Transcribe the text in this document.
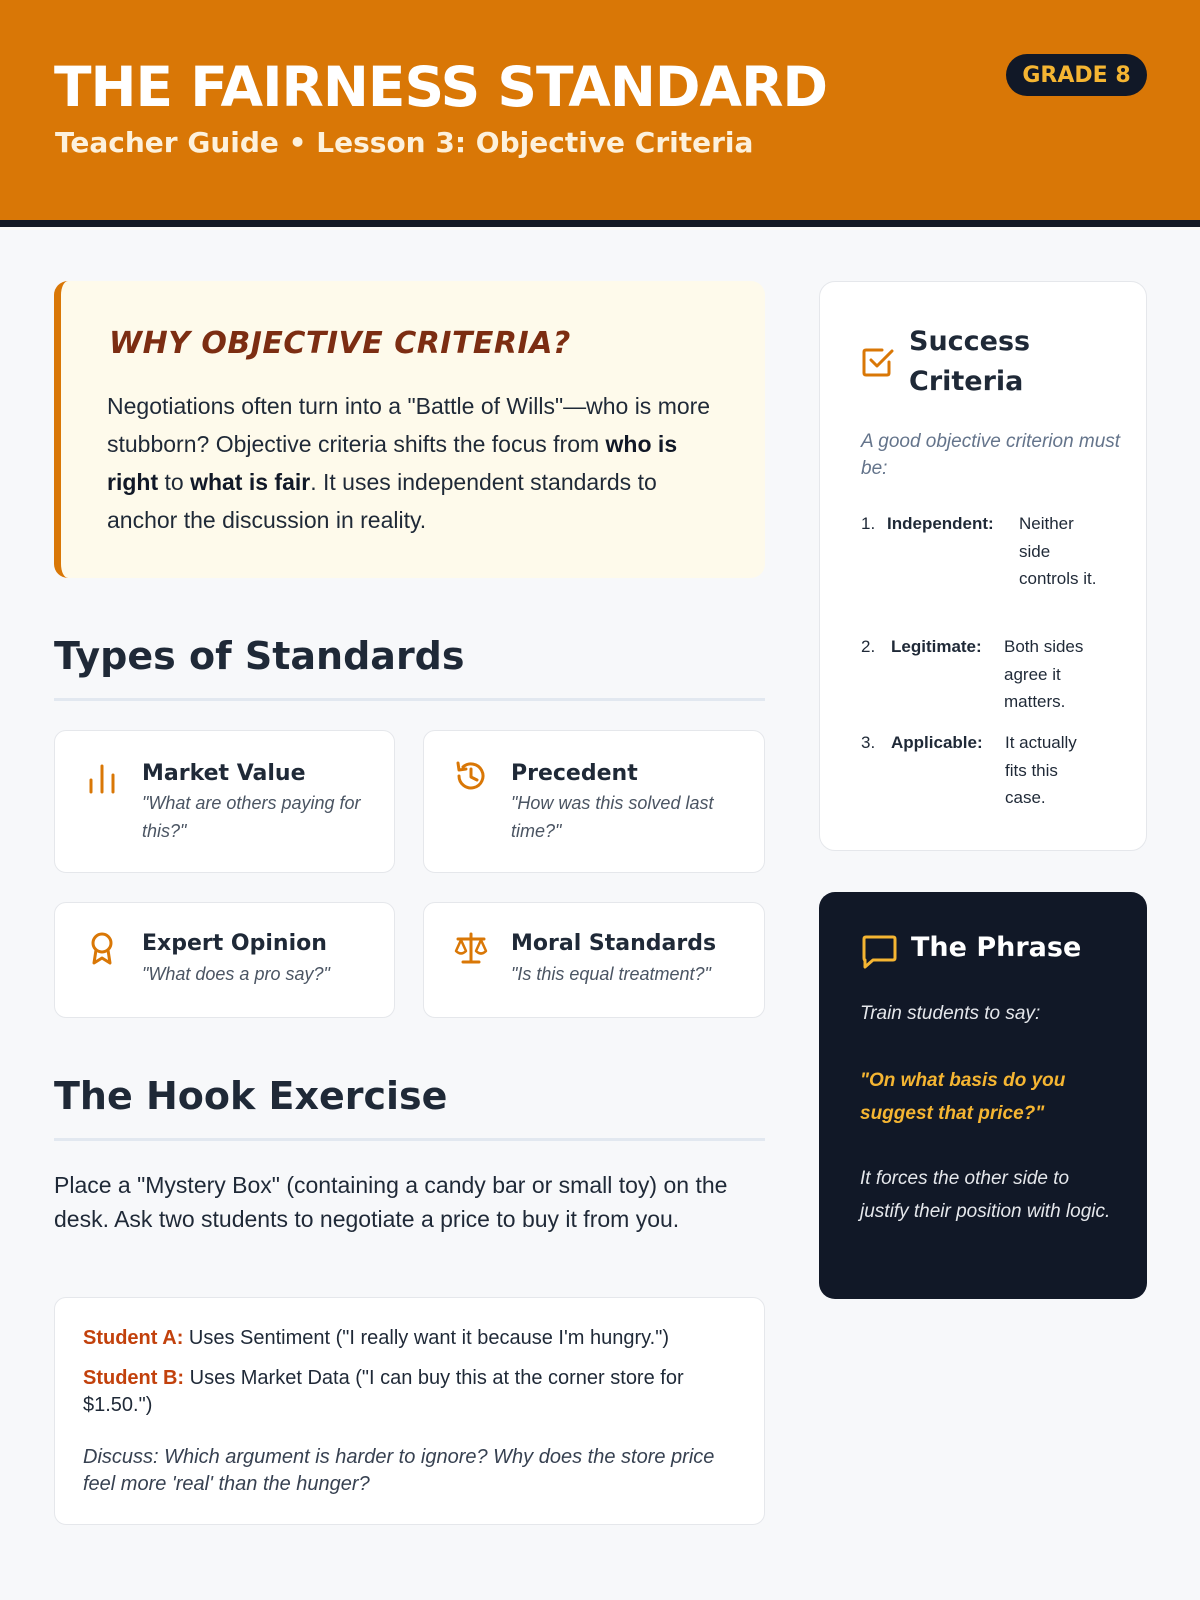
THE FAIRNESS STANDARD
Teacher Guide • Lesson 3: Objective Criteria
GRADE 8
WHY OBJECTIVE CRITERIA?
Negotiations often turn into a "Battle of Wills"—who is more stubborn? Objective criteria shifts the focus from who is right to what is fair. It uses independent standards to anchor the discussion in reality.
Types of Standards
Market Value
"What are others paying for this?"
Precedent
"How was this solved last time?"
Expert Opinion
"What does a pro say?"
Moral Standards
"Is this equal treatment?"
The Hook Exercise
Place a "Mystery Box" (containing a candy bar or small toy) on the desk. Ask two students to negotiate a price to buy it from you.
Student A: Uses Sentiment ("I really want it because I'm hungry.")
Student B: Uses Market Data ("I can buy this at the corner store for $1.50.")
Discuss: Which argument is harder to ignore? Why does the store price feel more 'real' than the hunger?
Success Criteria
A good objective criterion must be:
1. Independent: Neither side controls it.
2. Legitimate: Both sides agree it matters.
3. Applicable: It actually fits this case.
The Phrase
Train students to say:
"On what basis do you suggest that price?"
It forces the other side to justify their position with logic.
